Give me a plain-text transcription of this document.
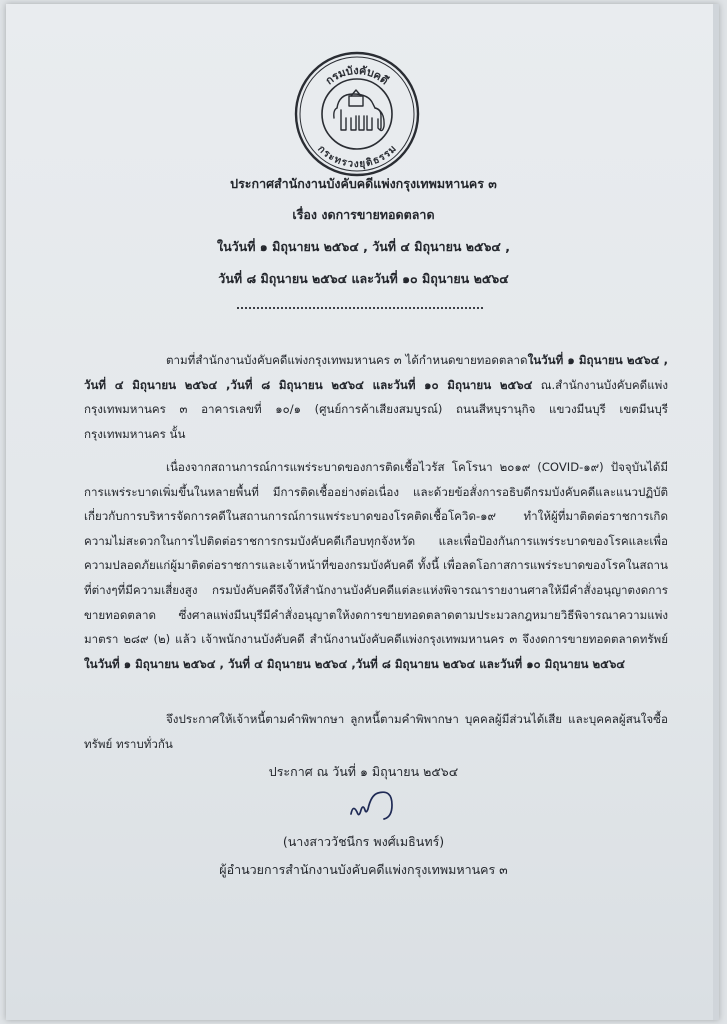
กรมบังคับคดี
กระทรวงยุติธรรม
ประกาศสำนักงานบังคับคดีแพ่งกรุงเทพมหานคร ๓
เรื่อง งดการขายทอดตลาด
ในวันที่ ๑ มิถุนายน ๒๕๖๔ , วันที่ ๔ มิถุนายน ๒๕๖๔ ,
วันที่ ๘ มิถุนายน ๒๕๖๔ และวันที่ ๑๐ มิถุนายน ๒๕๖๔

ตามที่สำนักงานบังคับคดีแพ่งกรุงเทพมหานคร ๓ ได้กำหนดขายทอดตลาดในวันที่ ๑ มิถุนายน ๒๕๖๔ , วันที่ ๔ มิถุนายน ๒๕๖๔ ,วันที่ ๘ มิถุนายน ๒๕๖๔ และวันที่ ๑๐ มิถุนายน ๒๕๖๔ ณ.สำนักงานบังคับคดีแพ่งกรุงเทพมหานคร ๓ อาคารเลขที่ ๑๐/๑ (ศูนย์การค้าเสียงสมบูรณ์) ถนนสีหบุรานุกิจ แขวงมีนบุรี เขตมีนบุรี กรุงเทพมหานคร นั้น

เนื่องจากสถานการณ์การแพร่ระบาดของการติดเชื้อไวรัส โคโรนา ๒๐๑๙ (COVID-๑๙) ปัจจุบันได้มีการแพร่ระบาดเพิ่มขึ้นในหลายพื้นที่ มีการติดเชื้ออย่างต่อเนื่อง และด้วยข้อสั่งการอธิบดีกรมบังคับคดีและแนวปฏิบัติเกี่ยวกับการบริหารจัดการคดีในสถานการณ์การแพร่ระบาดของโรคติดเชื้อโควิด-๑๙ ทำให้ผู้ที่มาติดต่อราชการเกิดความไม่สะดวกในการไปติดต่อราชการกรมบังคับคดีเกือบทุกจังหวัด และเพื่อป้องกันการแพร่ระบาดของโรคและเพื่อความปลอดภัยแก่ผู้มาติดต่อราชการและเจ้าหน้าที่ของกรมบังคับคดี ทั้งนี้ เพื่อลดโอกาสการแพร่ระบาดของโรคในสถานที่ต่างๆที่มีความเสี่ยงสูง กรมบังคับคดีจึงให้สำนักงานบังคับคดีแต่ละแห่งพิจารณารายงานศาลให้มีคำสั่งอนุญาตงดการขายทอดตลาด ซึ่งศาลแพ่งมีนบุรีมีคำสั่งอนุญาตให้งดการขายทอดตลาดตามประมวลกฎหมายวิธีพิจารณาความแพ่ง มาตรา ๒๘๙ (๒) แล้ว เจ้าพนักงานบังคับคดี สำนักงานบังคับคดีแพ่งกรุงเทพมหานคร ๓ จึงงดการขายทอดตลาดทรัพย์ในวันที่ ๑ มิถุนายน ๒๕๖๔ , วันที่ ๔ มิถุนายน ๒๕๖๔ ,วันที่ ๘ มิถุนายน ๒๕๖๔ และวันที่ ๑๐ มิถุนายน ๒๕๖๔

จึงประกาศให้เจ้าหนี้ตามคำพิพากษา ลูกหนี้ตามคำพิพากษา บุคคลผู้มีส่วนได้เสีย และบุคคลผู้สนใจซื้อทรัพย์ ทราบทั่วกัน

ประกาศ ณ วันที่ ๑ มิถุนายน ๒๕๖๔
(นางสาววัชนีกร พงศ์เมธินทร์)
ผู้อำนวยการสำนักงานบังคับคดีแพ่งกรุงเทพมหานคร ๓
